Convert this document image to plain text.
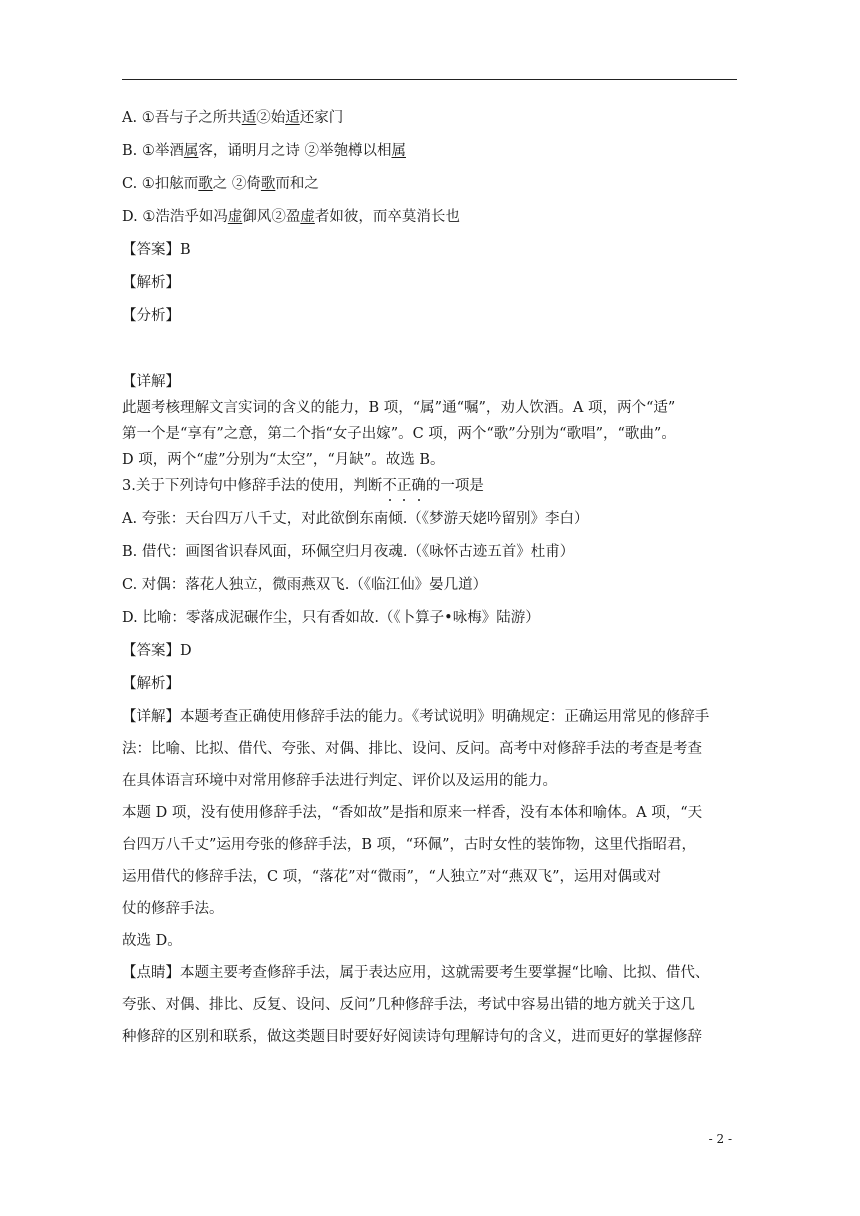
A. ①吾与子之所共适②始适还家门

B. ①举酒属客，诵明月之诗 ②举匏樽以相属

C. ①扣舷而歌之 ②倚歌而和之

D. ①浩浩乎如冯虚御风②盈虚者如彼，而卒莫消长也

【答案】B

【解析】

【分析】

【详解】

此题考核理解文言实词的含义的能力，B 项，“属”通“嘱”，劝人饮酒。A 项，两个“适”

第一个是“享有”之意，第二个指“女子出嫁”。C 项，两个“歌”分别为“歌唱”，“歌曲”。

D 项，两个“虚”分别为“太空”，“月缺”。故选 B。

3.关于下列诗句中修辞手法的使用，判断不正确的一项是

A. 夸张：天台四万八千丈，对此欲倒东南倾.（《梦游天姥吟留别》李白）

B. 借代：画图省识春风面，环佩空归月夜魂.（《咏怀古迹五首》杜甫）

C. 对偶：落花人独立，微雨燕双飞.（《临江仙》晏几道）

D. 比喻：零落成泥碾作尘，只有香如故.（《卜算子•咏梅》陆游）

【答案】D

【解析】

【详解】本题考查正确使用修辞手法的能力。《考试说明》明确规定：正确运用常见的修辞手

法：比喻、比拟、借代、夸张、对偶、排比、设问、反问。高考中对修辞手法的考查是考查

在具体语言环境中对常用修辞手法进行判定、评价以及运用的能力。

本题 D 项，没有使用修辞手法，“香如故”是指和原来一样香，没有本体和喻体。A 项，“天

台四万八千丈”运用夸张的修辞手法，B 项，“环佩”，古时女性的装饰物，这里代指昭君，

运用借代的修辞手法，C 项，“落花”对“微雨”，“人独立”对“燕双飞”，运用对偶或对

仗的修辞手法。

故选 D。

【点睛】本题主要考查修辞手法，属于表达应用，这就需要考生要掌握“比喻、比拟、借代、

夸张、对偶、排比、反复、设问、反问”几种修辞手法，考试中容易出错的地方就关于这几

种修辞的区别和联系，做这类题目时要好好阅读诗句理解诗句的含义，进而更好的掌握修辞

- 2 -
